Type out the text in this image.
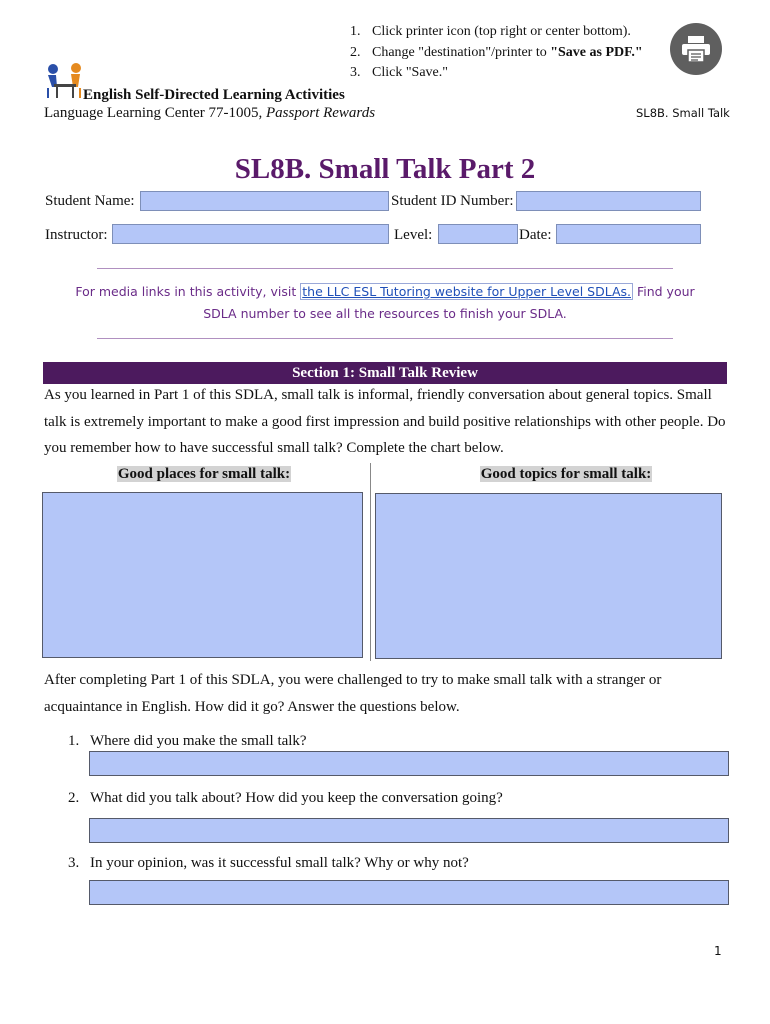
1. Click printer icon (top right or center bottom).
2. Change "destination"/printer to "Save as PDF."
3. Click "Save."
English Self-Directed Learning Activities
Language Learning Center 77-1005, Passport Rewards	SL8B. Small Talk
SL8B. Small Talk Part 2
Student Name:	Student ID Number:
Instructor:	Level:	Date:
For media links in this activity, visit the LLC ESL Tutoring website for Upper Level SDLAs. Find your SDLA number to see all the resources to finish your SDLA.
Section 1: Small Talk Review
As you learned in Part 1 of this SDLA, small talk is informal, friendly conversation about general topics. Small talk is extremely important to make a good first impression and build positive relationships with other people. Do you remember how to have successful small talk? Complete the chart below.
Good places for small talk:	Good topics for small talk:
After completing Part 1 of this SDLA, you were challenged to try to make small talk with a stranger or acquaintance in English. How did it go? Answer the questions below.
1. Where did you make the small talk?
2. What did you talk about? How did you keep the conversation going?
3. In your opinion, was it successful small talk? Why or why not?
1
